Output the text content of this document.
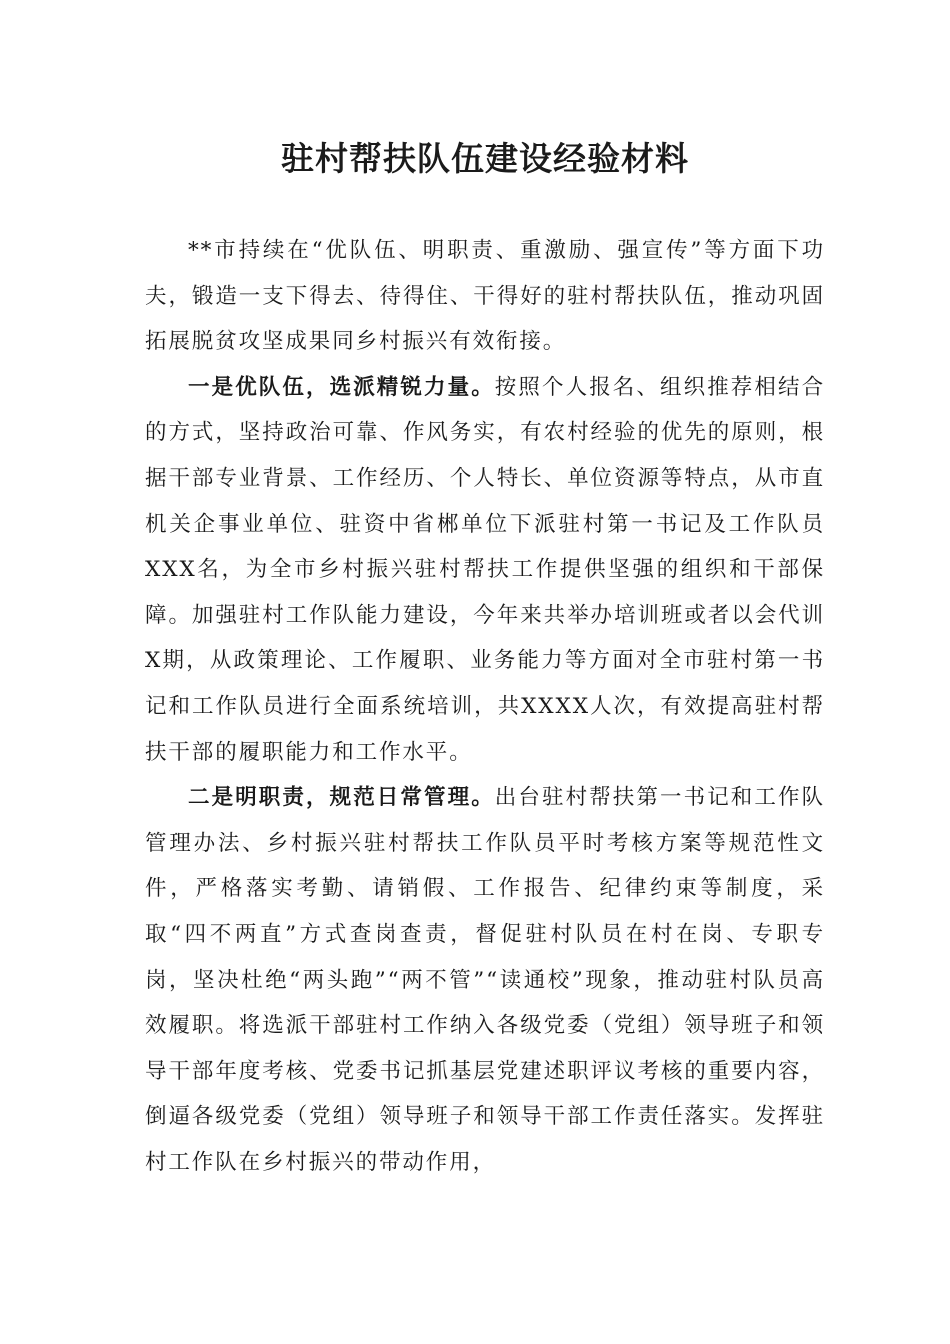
驻村帮扶队伍建设经验材料

**市持续在“优队伍、明职责、重激励、强宣传”等方面下功夫，锻造一支下得去、待得住、干得好的驻村帮扶队伍，推动巩固拓展脱贫攻坚成果同乡村振兴有效衔接。

一是优队伍，选派精锐力量。按照个人报名、组织推荐相结合的方式，坚持政治可靠、作风务实，有农村经验的优先的原则，根据干部专业背景、工作经历、个人特长、单位资源等特点，从市直机关企事业单位、驻资中省郴单位下派驻村第一书记及工作队员XXX名，为全市乡村振兴驻村帮扶工作提供坚强的组织和干部保障。加强驻村工作队能力建设，今年来共举办培训班或者以会代训X期，从政策理论、工作履职、业务能力等方面对全市驻村第一书记和工作队员进行全面系统培训，共XXXX人次，有效提高驻村帮扶干部的履职能力和工作水平。

二是明职责，规范日常管理。出台驻村帮扶第一书记和工作队管理办法、乡村振兴驻村帮扶工作队员平时考核方案等规范性文件，严格落实考勤、请销假、工作报告、纪律约束等制度，采取“四不两直”方式查岗查责，督促驻村队员在村在岗、专职专岗，坚决杜绝“两头跑”“两不管”“读通校”现象，推动驻村队员高效履职。将选派干部驻村工作纳入各级党委（党组）领导班子和领导干部年度考核、党委书记抓基层党建述职评议考核的重要内容，倒逼各级党委（党组）领导班子和领导干部工作责任落实。发挥驻村工作队在乡村振兴的带动作用，
